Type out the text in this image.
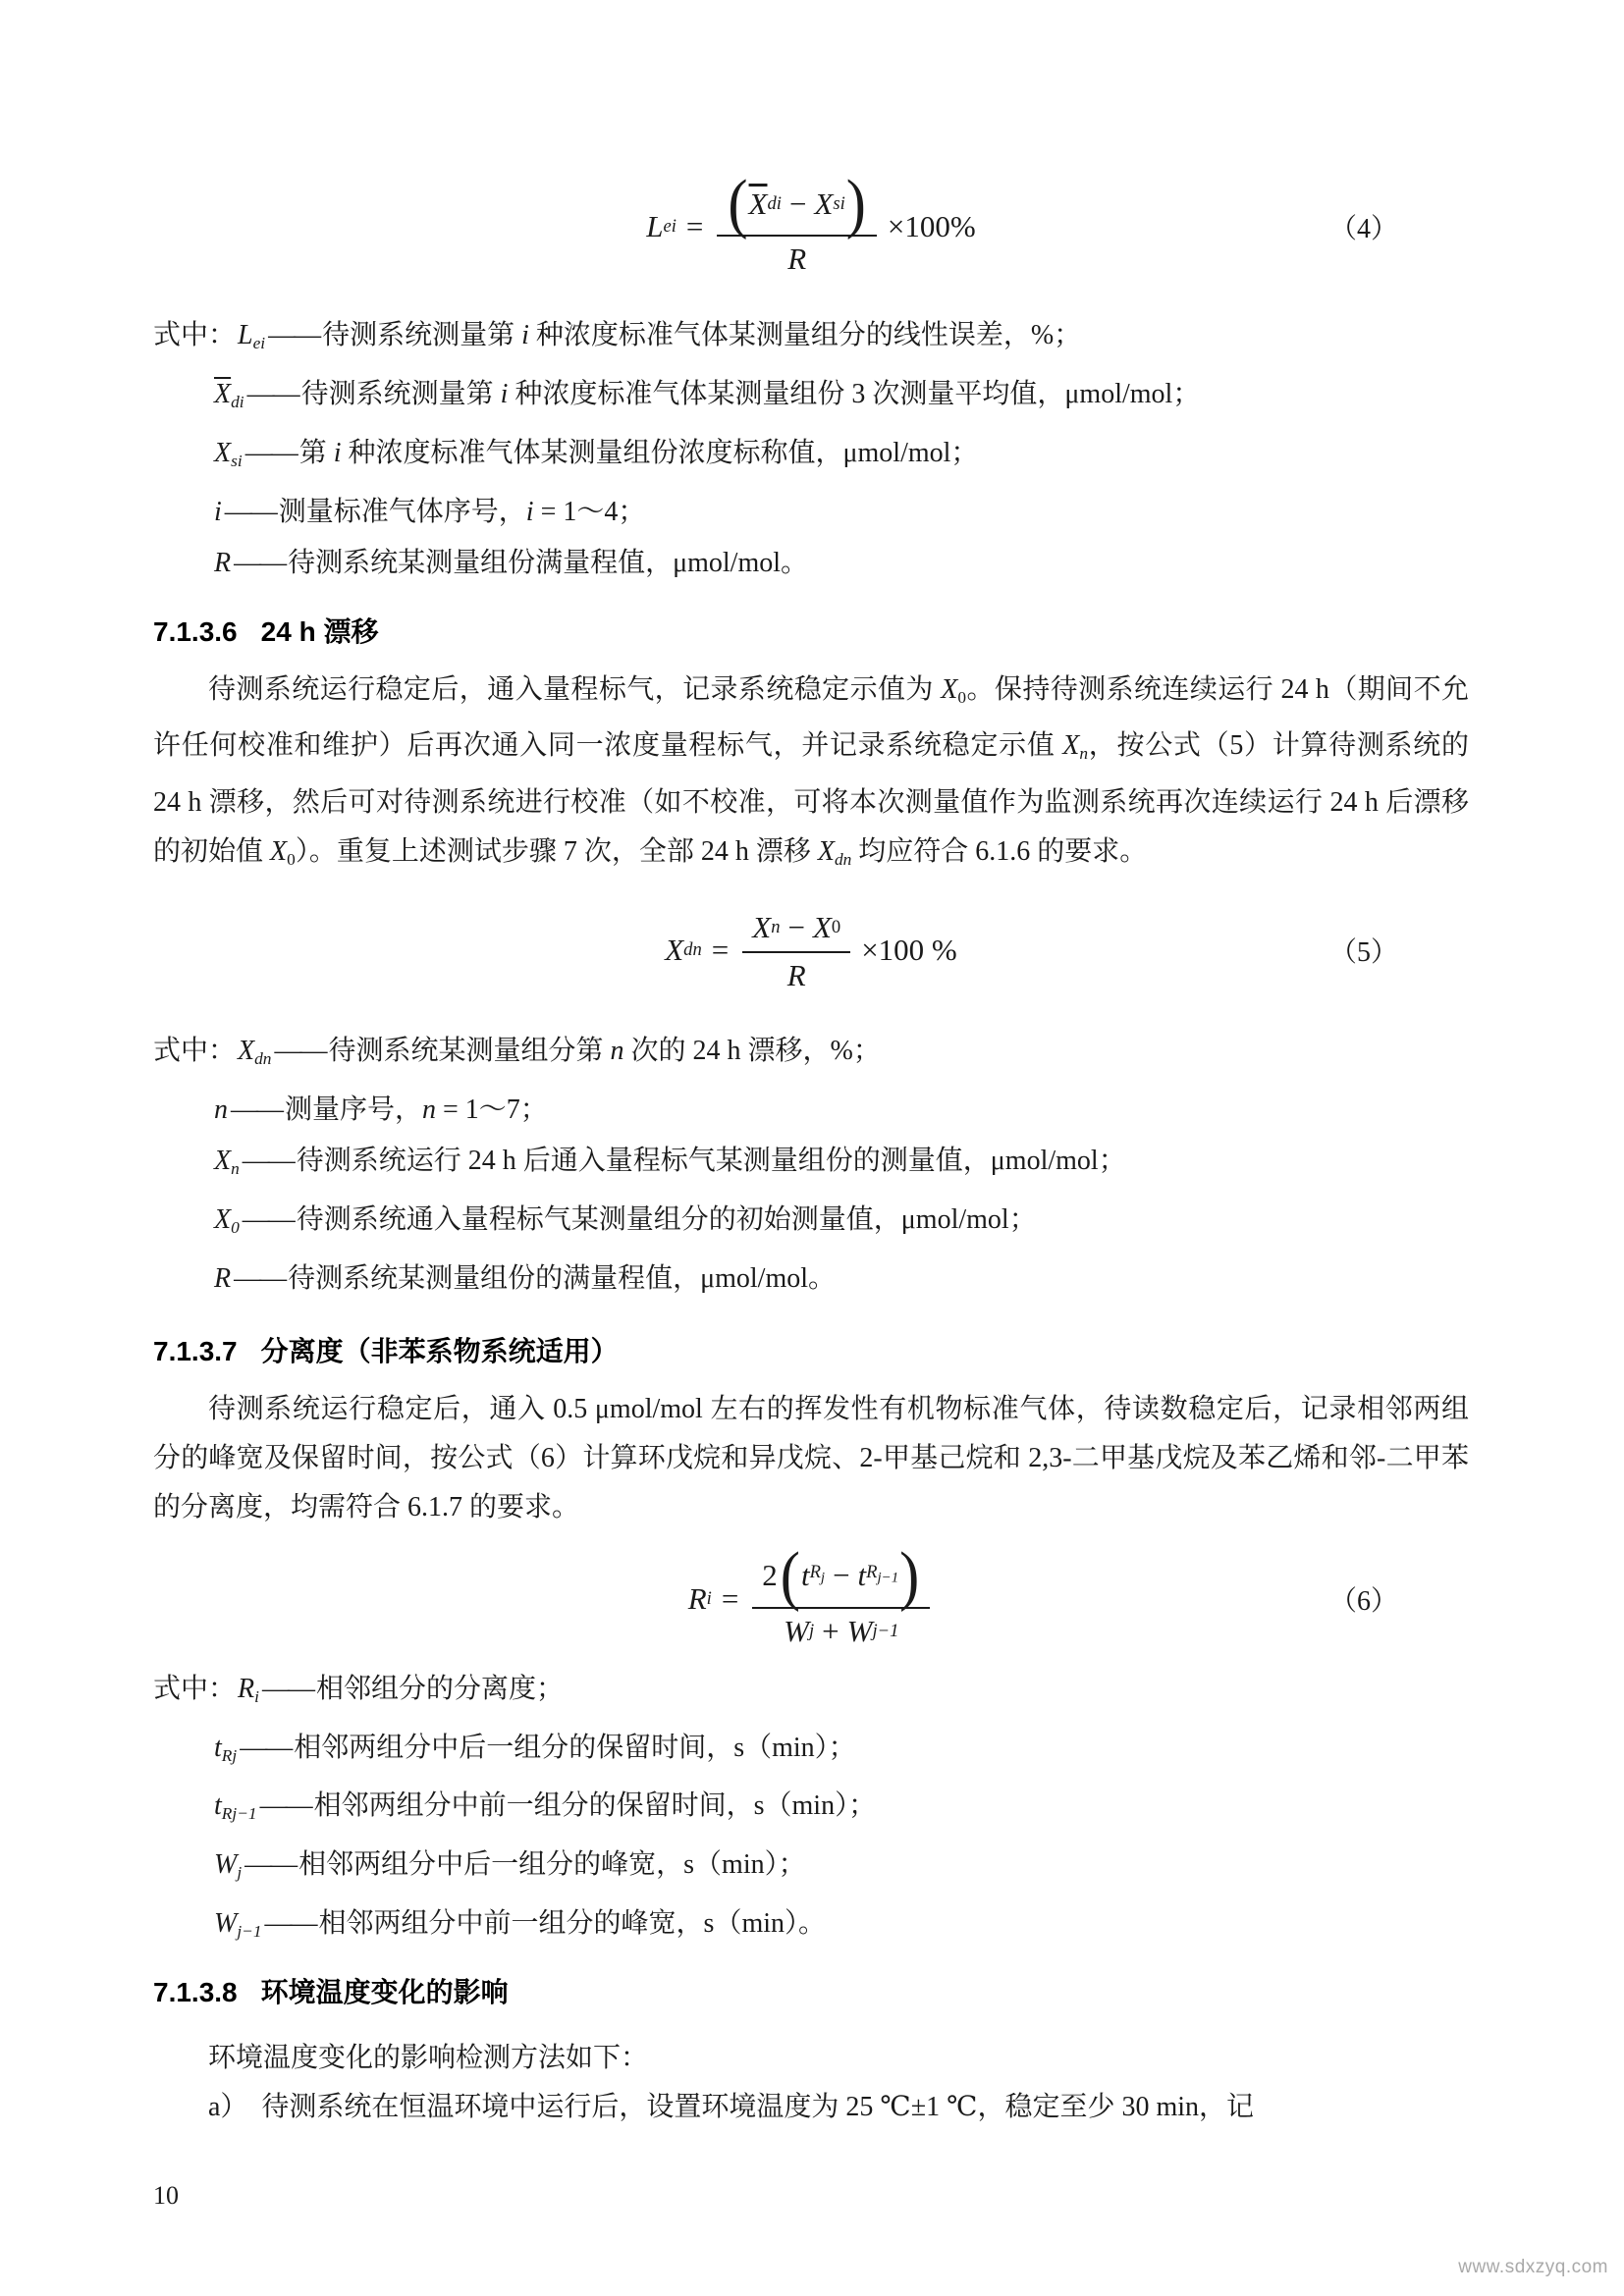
L ei = $\frac{( \overline{X} di - X si )}{R} \times 100\%$	（4）
式中：Lei —— 待测系统测量第 i 种浓度标准气体某测量组分的线性误差，%；
$\overline{X}di$ —— 待测系统测量第 i 种浓度标准气体某测量组份 3 次测量平均值，μmol/mol；
Xsi —— 第 i 种浓度标准气体某测量组份浓度标称值，μmol/mol；
i —— 测量标准气体序号，i = 1～4；
R —— 待测系统某测量组份满量程值，μmol/mol。
7.1.3.6 24 h 漂移

待测系统运行稳定后，通入量程标气，记录系统稳定示值为 $X_0$。保持待测系统连续运行 24 h（期间不允许任何校准和维护）后再次通入同一浓度量程标气，并记录系统稳定示值 Xn，按公式（5）计算待测系统的 24 h 漂移，然后可对待测系统进行校准（如不校准，可将本次测量值作为监测系统再次连续运行 24 h 后漂移的初始值 $X_0$）。重复上述测试步骤 7 次，全部 24 h 漂移 Xdn 均应符合 6.1.6 的要求。

X dn = $\frac{\text{X n − X 0}}{R} \times 100$ %	（5）
式中：Xdn —— 待测系统某测量组分第 n 次的 24 h 漂移，%；
n —— 测量序号，n = 1～7；
Xn —— 待测系统运行 24 h 后通入量程标气某测量组份的测量值，μmol/mol；
$X_0$ —— 待测系统通入量程标气某测量组分的初始测量值，μmol/mol；
R —— 待测系统某测量组份的满量程值，μmol/mol。
7.1.3.7 分离度（非苯系物系统适用）

待测系统运行稳定后，通入 0.5 μmol/mol 左右的挥发性有机物标准气体，待读数稳定后，记录相邻两组分的峰宽及保留时间，按公式（6）计算环戊烷和异戊烷、2-甲基己烷和 2,3-二甲基戊烷及苯乙烯和邻-二甲苯的分离度，均需符合 6.1.7 的要求。

R i =
2 ( t $R_j - t$ $R_{j-1}$ )
W j + W j−1
（6）
式中：Ri —— 相邻组分的分离度；
tRj —— 相邻两组分中后一组分的保留时间，s（min）；
tRj−1 —— 相邻两组分中前一组分的保留时间，s（min）；
Wj —— 相邻两组分中后一组分的峰宽，s（min）；
Wj−1 —— 相邻两组分中前一组分的峰宽，s（min）。
7.1.3.8 环境温度变化的影响

环境温度变化的影响检测方法如下：

a）　待测系统在恒温环境中运行后，设置环境温度为 25 ℃±1 ℃，稳定至少 30 min，记

10
www.sdxzyq.com
